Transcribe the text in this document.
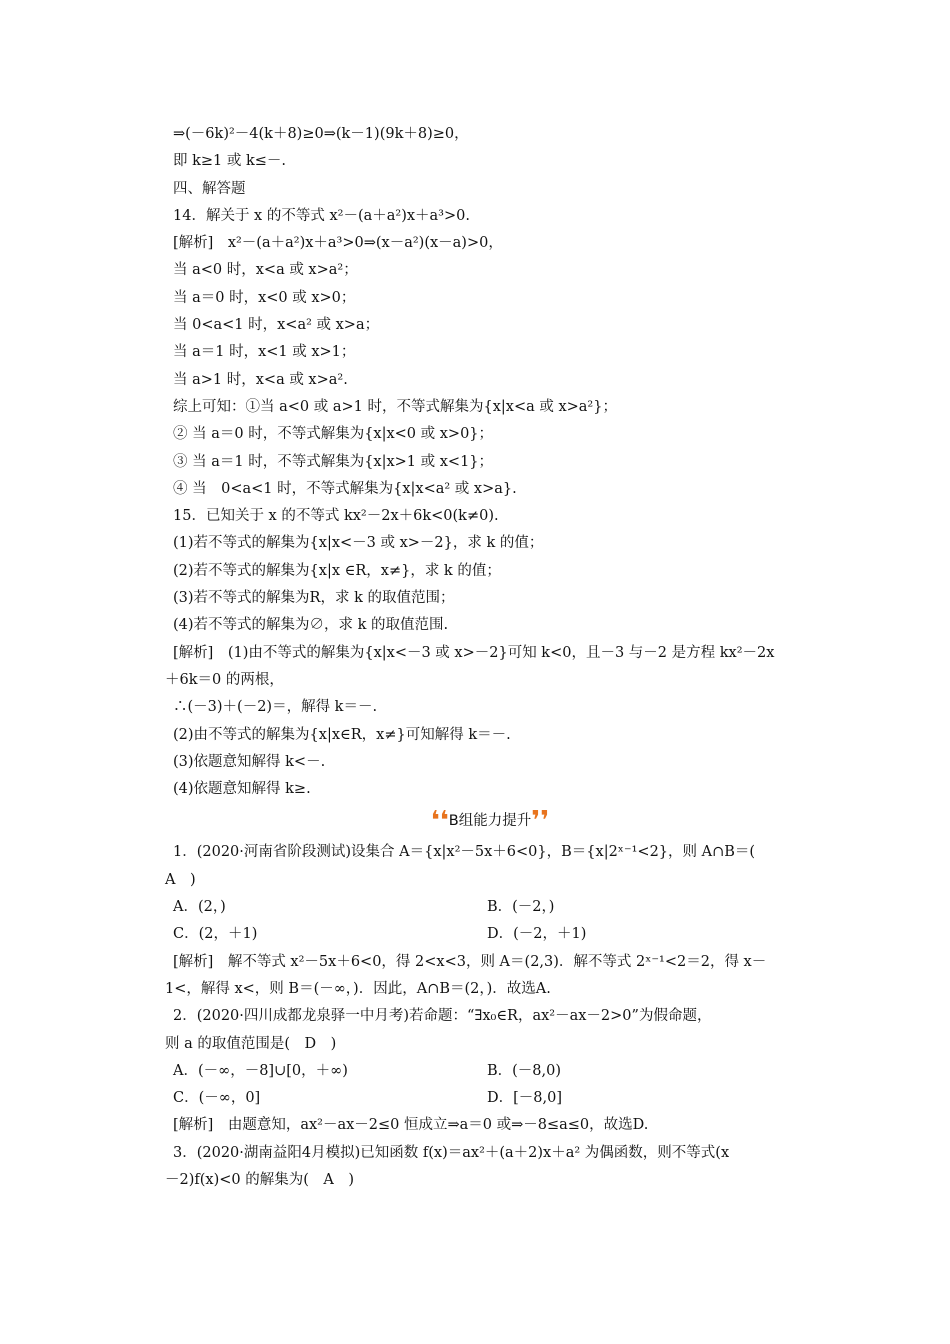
⇒(－6k)²－4(k＋8)≥0⇒(k－1)(9k＋8)≥0，
即 k≥1 或 k≤－.
四、解答题
14．解关于 x 的不等式 x²－(a＋a²)x＋a³>0.
[解析]　x²－(a＋a²)x＋a³>0⇒(x－a²)(x－a)>0，
当 a<0 时，x<a 或 x>a²；
当 a＝0 时，x<0 或 x>0；
当 0<a<1 时，x<a² 或 x>a；
当 a＝1 时，x<1 或 x>1；
当 a>1 时，x<a 或 x>a².
综上可知：①当 a<0 或 a>1 时，不等式解集为{x|x<a 或 x>a²}；
② 当 a＝0 时，不等式解集为{x|x<0 或 x>0}；
③ 当 a＝1 时，不等式解集为{x|x>1 或 x<1}；
④ 当　0<a<1 时，不等式解集为{x|x<a² 或 x>a}.
15．已知关于 x 的不等式 kx²－2x＋6k<0(k≠0).
(1)若不等式的解集为{x|x<－3 或 x>－2}，求 k 的值；
(2)若不等式的解集为{x|x ∈R，x≠}，求 k 的值；
(3)若不等式的解集为R，求 k 的取值范围；
(4)若不等式的解集为∅，求 k 的取值范围.
[解析]　(1)由不等式的解集为{x|x<－3 或 x>－2}可知 k<0，且－3 与－2 是方程 kx²－2x
＋6k＝0 的两根，
∴(－3)＋(－2)＝，解得 k＝－.
(2)由不等式的解集为{x|x∈R，x≠}可知解得 k＝－.
(3)依题意知解得 k<－.
(4)依题意知解得 k≥.
❛❛B组能力提升❜❜
1．(2020·河南省阶段测试)设集合 A＝{x|x²－5x＋6<0}，B＝{x|2ˣ⁻¹<2}，则 A∩B＝(
A　)
A．(2，)	B．(－2，)
C．(2，＋1)	D．(－2，＋1)
[解析]　解不等式 x²－5x＋6<0，得 2<x<3，则 A＝(2,3)．解不等式 2ˣ⁻¹<2＝2，得 x－
1<，解得 x<，则 B＝(－∞，)．因此，A∩B＝(2，)．故选A.
2．(2020·四川成都龙泉驿一中月考)若命题：“∃x₀∈R，ax²－ax－2>0”为假命题，
则 a 的取值范围是(　D　)
A．(－∞，－8]∪[0，＋∞)	B．(－8,0)
C．(－∞，0]	D．[－8,0]
[解析]　由题意知，ax²－ax－2≤0 恒成立⇒a＝0 或⇒－8≤a≤0，故选D.
3．(2020·湖南益阳4月模拟)已知函数 f(x)＝ax²＋(a＋2)x＋a² 为偶函数，则不等式(x
－2)f(x)<0 的解集为(　A　)
